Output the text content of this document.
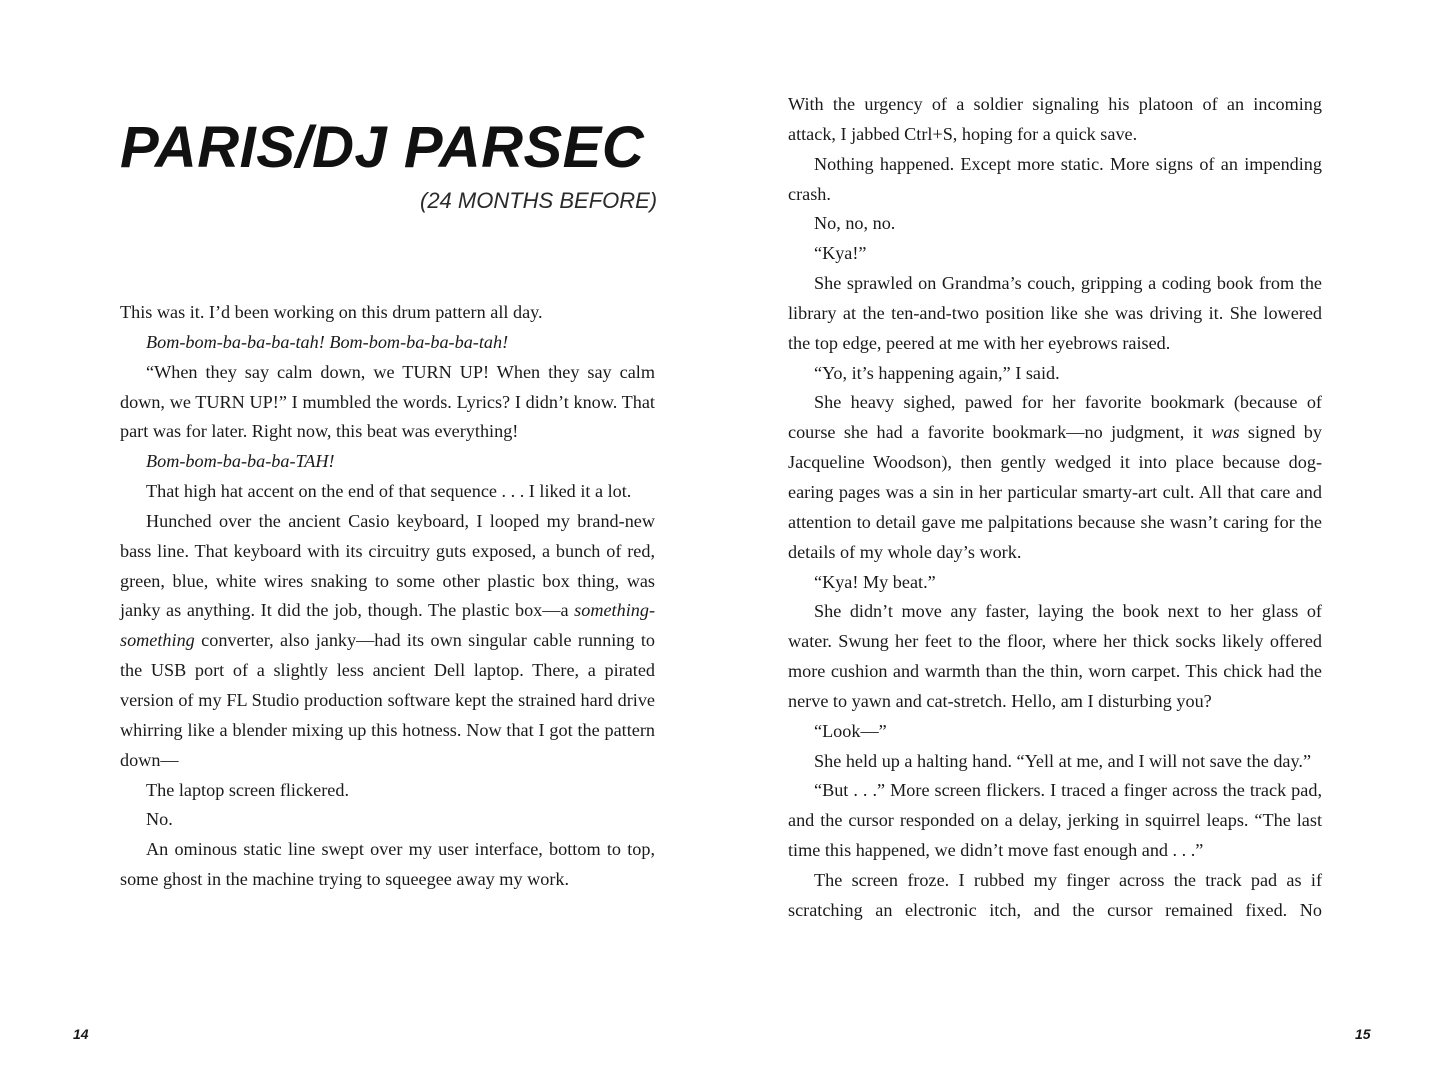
PARIS/DJ PARSEC
(24 MONTHS BEFORE)

This was it. I’d been working on this drum pattern all day.

Bom-bom-ba-ba-ba-tah! Bom-bom-ba-ba-ba-tah!

“When they say calm down, we TURN UP! When they say calm down, we TURN UP!” I mumbled the words. Lyrics? I didn’t know. That part was for later. Right now, this beat was everything!

Bom-bom-ba-ba-ba-TAH!

That high hat accent on the end of that sequence . . . I liked it a lot.

Hunched over the ancient Casio keyboard, I looped my brand-new bass line. That keyboard with its circuitry guts exposed, a bunch of red, green, blue, white wires snaking to some other plastic box thing, was janky as anything. It did the job, though. The plastic box—a something-something converter, also janky—had its own singular cable running to the USB port of a slightly less ancient Dell laptop. There, a pirated version of my FL Studio production software kept the strained hard drive whirring like a blender mixing up this hotness. Now that I got the pattern down—

The laptop screen flickered.

No.

An ominous static line swept over my user interface, bottom to top, some ghost in the machine trying to squeegee away my work.

14

With the urgency of a soldier signaling his platoon of an incoming attack, I jabbed Ctrl+S, hoping for a quick save.

Nothing happened. Except more static. More signs of an impending crash.

No, no, no.

“Kya!”

She sprawled on Grandma’s couch, gripping a coding book from the library at the ten-and-two position like she was driving it. She lowered the top edge, peered at me with her eyebrows raised.

“Yo, it’s happening again,” I said.

She heavy sighed, pawed for her favorite bookmark (because of course she had a favorite bookmark—no judgment, it was signed by Jacqueline Woodson), then gently wedged it into place because dog-earing pages was a sin in her particular smarty-art cult. All that care and attention to detail gave me palpitations because she wasn’t caring for the details of my whole day’s work.

“Kya! My beat.”

She didn’t move any faster, laying the book next to her glass of water. Swung her feet to the floor, where her thick socks likely offered more cushion and warmth than the thin, worn carpet. This chick had the nerve to yawn and cat-stretch. Hello, am I disturbing you?

“Look—”

She held up a halting hand. “Yell at me, and I will not save the day.”

“But . . .” More screen flickers. I traced a finger across the track pad, and the cursor responded on a delay, jerking in squirrel leaps. “The last time this happened, we didn’t move fast enough and . . .”

The screen froze. I rubbed my finger across the track pad as if scratching an electronic itch, and the cursor remained fixed. No

15
